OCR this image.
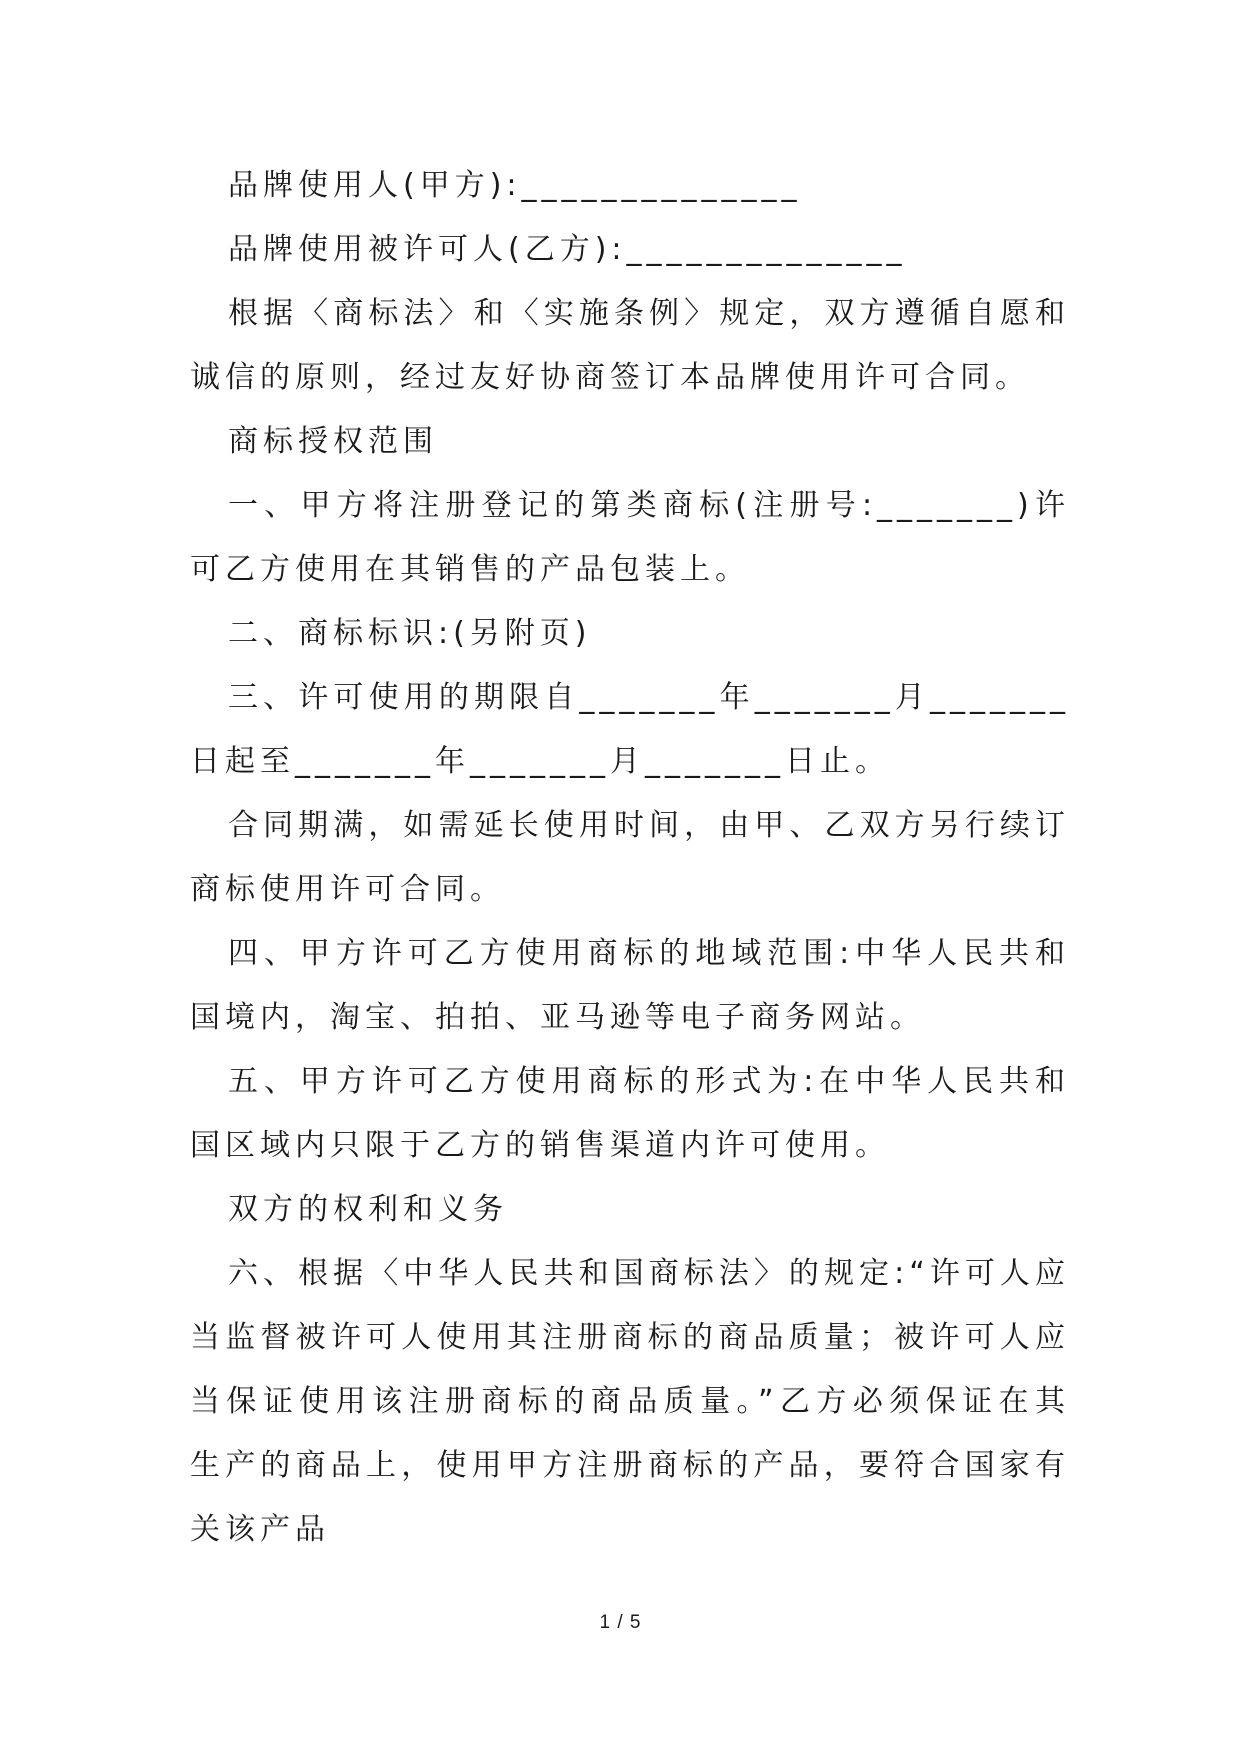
品牌使用人(甲方):______________

品牌使用被许可人(乙方):______________

根据〈商标法〉和〈实施条例〉规定，双方遵循自愿和诚信的原则，经过友好协商签订本品牌使用许可合同。

商标授权范围

一、甲方将注册登记的第类商标(注册号:_______)许可乙方使用在其销售的产品包装上。

二、商标标识:(另附页)

三、许可使用的期限自_______年_______月_______日起至_______年_______月_______日止。

合同期满，如需延长使用时间，由甲、乙双方另行续订商标使用许可合同。

四、甲方许可乙方使用商标的地域范围:中华人民共和国境内，淘宝、拍拍、亚马逊等电子商务网站。

五、甲方许可乙方使用商标的形式为:在中华人民共和国区域内只限于乙方的销售渠道内许可使用。

双方的权利和义务

六、根据〈中华人民共和国商标法〉的规定:“许可人应当监督被许可人使用其注册商标的商品质量；被许可人应当保证使用该注册商标的商品质量。”乙方必须保证在其生产的商品上，使用甲方注册商标的产品，要符合国家有关该产品

1 / 5
